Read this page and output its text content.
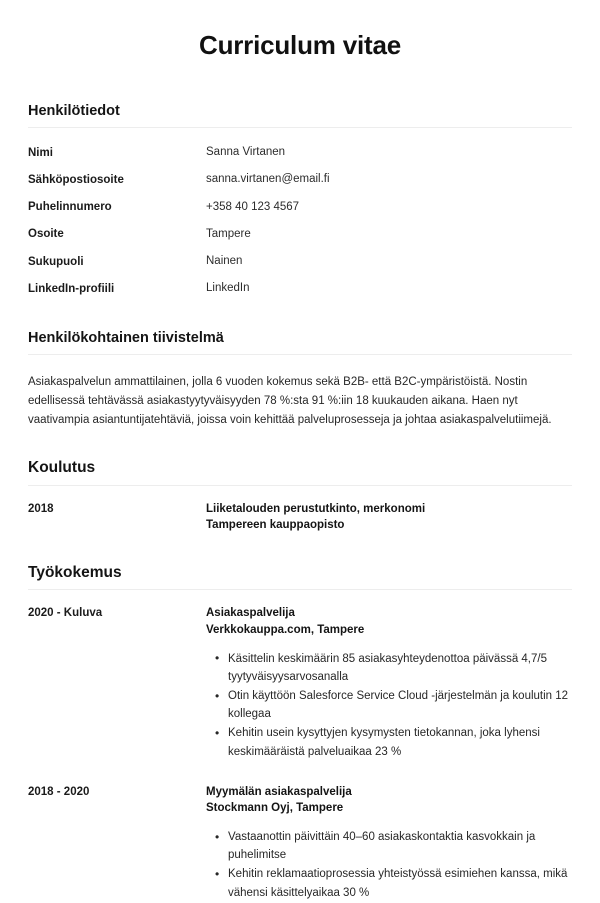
Curriculum vitae
Henkilötiedot
Nimi	Sanna Virtanen
Sähköpostiosoite	sanna.virtanen@email.fi
Puhelinnumero	+358 40 123 4567
Osoite	Tampere
Sukupuoli	Nainen
LinkedIn-profiili	LinkedIn
Henkilökohtainen tiivistelmä

Asiakaspalvelun ammattilainen, jolla 6 vuoden kokemus sekä B2B- että B2C-ympäristöistä. Nostin edellisessä tehtävässä asiakastyytyväisyyden 78 %:sta 91 %:iin 18 kuukauden aikana. Haen nyt vaativampia asiantuntijatehtäviä, joissa voin kehittää palveluprosesseja ja johtaa asiakaspalvelutiimejä.

Koulutus
2018	Liiketalouden perustutkinto, merkonomi
Tampereen kauppaopisto
Työkokemus
2020 - Kuluva	Asiakaspalvelija
Verkkokauppa.com, Tampere
• Käsittelin keskimäärin 85 asiakasyhteydenottoa päivässä 4,7/5 tyytyväisyysarvosanalla
• Otin käyttöön Salesforce Service Cloud -järjestelmän ja koulutin 12 kollegaa
• Kehitin usein kysyttyjen kysymysten tietokannan, joka lyhensi keskimääräistä palveluaikaa 23 %
2018 - 2020	Myymälän asiakaspalvelija
Stockmann Oyj, Tampere
• Vastaanottin päivittäin 40–60 asiakaskontaktia kasvokkain ja puhelimitse
• Kehitin reklamaatioprosessia yhteistyössä esimiehen kanssa, mikä vähensi käsittelyaikaa 30 %
